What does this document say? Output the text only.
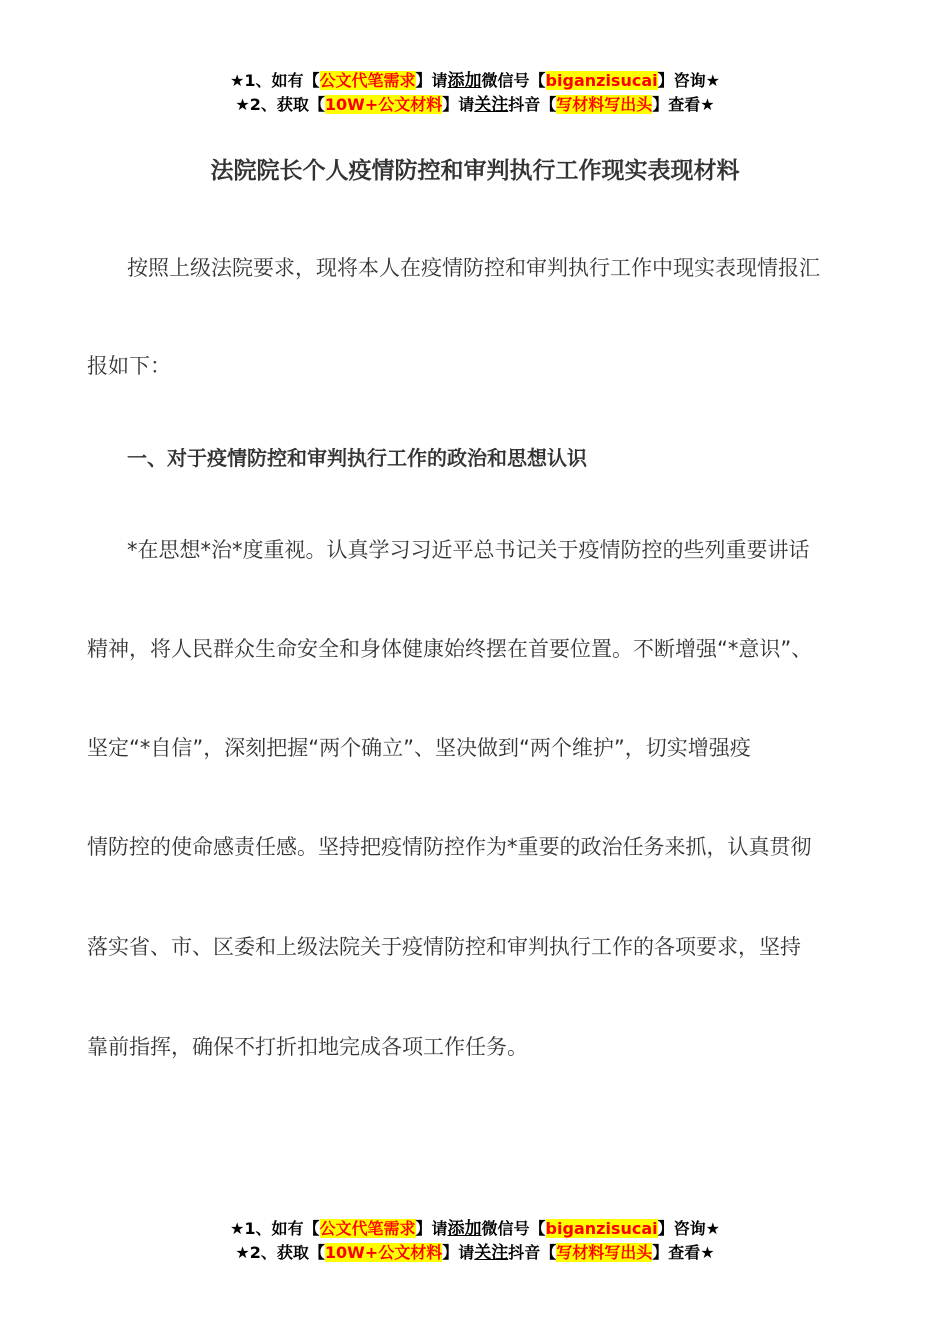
★1、如有【公文代笔需求】请添加微信号【biganzisucai】咨询★
★2、获取【10W+公文材料】请关注抖音【写材料写出头】查看★
法院院长个人疫情防控和审判执行工作现实表现材料
按照上级法院要求，现将本人在疫情防控和审判执行工作中现实表现情报汇
报如下：
一、对于疫情防控和审判执行工作的政治和思想认识
*在思想*治*度重视。认真学习习近平总书记关于疫情防控的些列重要讲话
精神，将人民群众生命安全和身体健康始终摆在首要位置。不断增强“*意识”、
坚定“*自信”，深刻把握“两个确立”、坚决做到“两个维护”，切实增强疫
情防控的使命感责任感。坚持把疫情防控作为*重要的政治任务来抓，认真贯彻
落实省、市、区委和上级法院关于疫情防控和审判执行工作的各项要求，坚持
靠前指挥，确保不打折扣地完成各项工作任务。
★1、如有【公文代笔需求】请添加微信号【biganzisucai】咨询★
★2、获取【10W+公文材料】请关注抖音【写材料写出头】查看★
